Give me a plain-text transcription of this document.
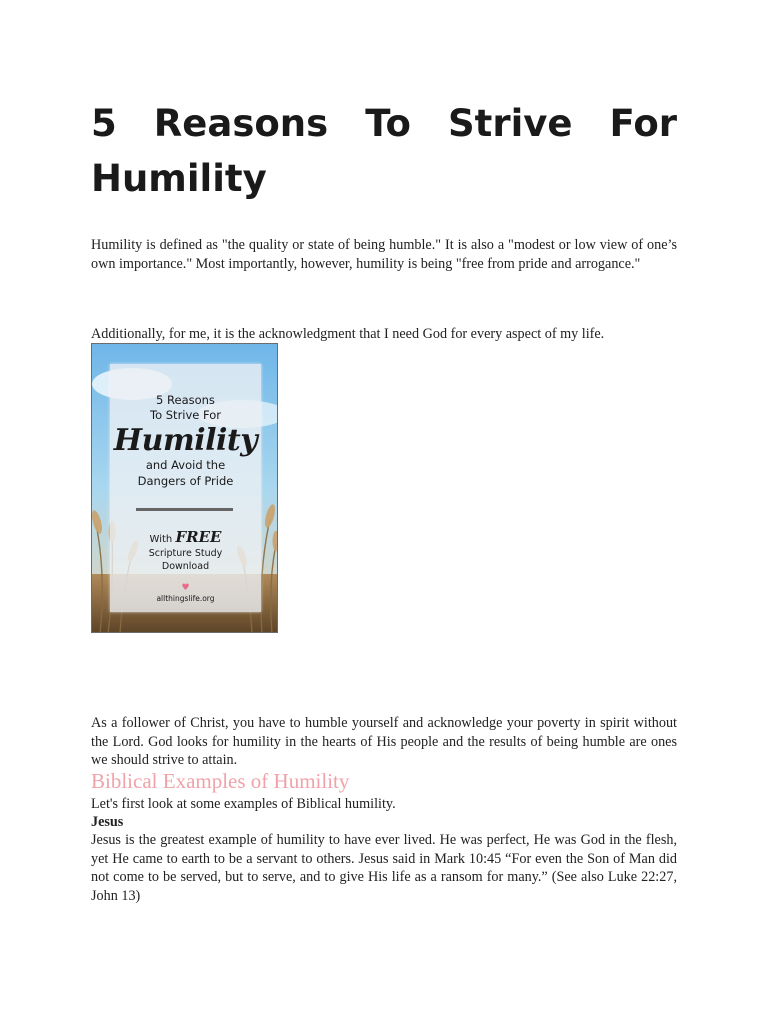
5 Reasons To Strive For
Humility

Humility is defined as "the quality or state of being humble." It is also a "modest or low view of one’s own importance." Most importantly, however, humility is being "free from pride and arrogance."

Additionally, for me, it is the acknowledgment that I need God for every aspect of my life.

5 Reasons
To Strive For
Humility
and Avoid the
Dangers of Pride
With FREE
Scripture Study
Download
♥
allthingslife.org

As a follower of Christ, you have to humble yourself and acknowledge your poverty in spirit without the Lord. God looks for humility in the hearts of His people and the results of being humble are ones we should strive to attain.

Biblical Examples of Humility

Let's first look at some examples of Biblical humility.

Jesus

Jesus is the greatest example of humility to have ever lived. He was perfect, He was God in the flesh, yet He came to earth to be a servant to others. Jesus said in Mark 10:45 “For even the Son of Man did not come to be served, but to serve, and to give His life as a ransom for many.” (See also Luke 22:27, John 13)
